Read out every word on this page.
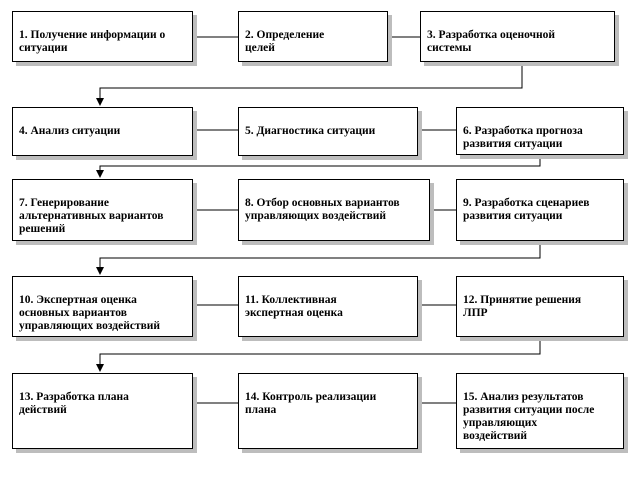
1. Получение информации о
ситуации

2. Определение
целей

3. Разработка оценочной
системы

4. Анализ ситуации	5. Диагностика ситуации	6. Разработка прогноза
развития ситуации

7. Генерирование
альтернативных вариантов
решений

8. Отбор основных вариантов
управляющих воздействий

9. Разработка сценариев
развития ситуации

10. Экспертная оценка
основных вариантов
управляющих воздействий

11. Коллективная
экспертная оценка

12. Принятие решения
ЛПР

13. Разработка плана
действий

14. Контроль реализации
плана

15. Анализ результатов
развития ситуации после
управляющих
воздействий
